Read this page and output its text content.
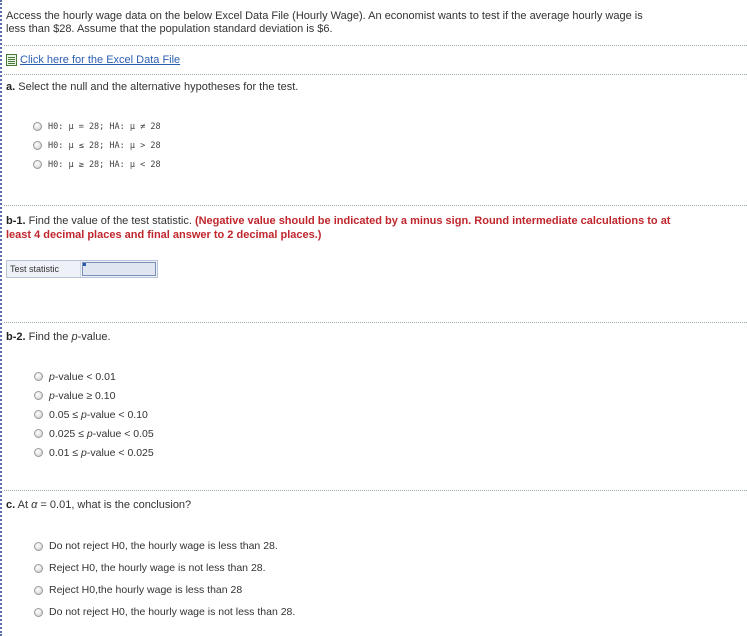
Access the hourly wage data on the below Excel Data File (Hourly Wage). An economist wants to test if the average hourly wage is
less than $28. Assume that the population standard deviation is $6.
Click here for the Excel Data File
a. Select the null and the alternative hypotheses for the test.
H0: μ = 28; HA: μ ≠ 28
H0: μ ≤ 28; HA: μ > 28
H0: μ ≥ 28; HA: μ < 28
b-1. Find the value of the test statistic. (Negative value should be indicated by a minus sign. Round intermediate calculations to at
least 4 decimal places and final answer to 2 decimal places.)
Test statistic
b-2. Find the p-value.
p-value < 0.01
p-value ≥ 0.10
0.05 ≤ p-value < 0.10
0.025 ≤ p-value < 0.05
0.01 ≤ p-value < 0.025
c. At α = 0.01, what is the conclusion?
Do not reject H0, the hourly wage is less than 28.
Reject H0, the hourly wage is not less than 28.
Reject H0,the hourly wage is less than 28
Do not reject H0, the hourly wage is not less than 28.
